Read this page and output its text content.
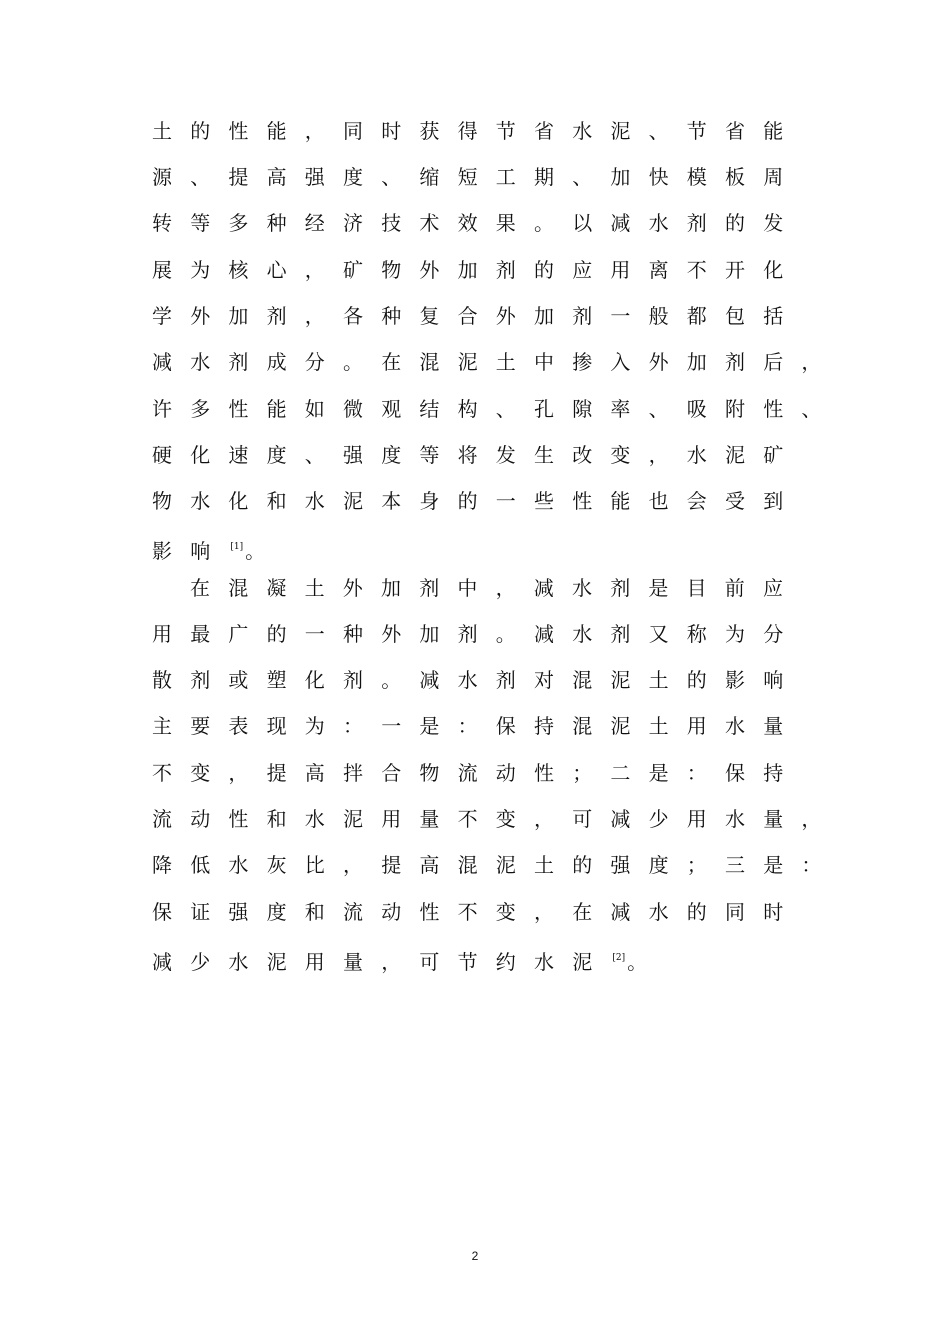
土的性能，同时获得节省水泥、节省能
源、提高强度、缩短工期、加快模板周
转等多种经济技术效果。以减水剂的发
展为核心，矿物外加剂的应用离不开化
学外加剂，各种复合外加剂一般都包括
减水剂成分。在混泥土中掺入外加剂后，
许多性能如微观结构、孔隙率、吸附性、
硬化速度、强度等将发生改变，水泥矿
物水化和水泥本身的一些性能也会受到
影响 [1] 。
在混凝土外加剂中，减水剂是目前应
用最广的一种外加剂。减水剂又称为分
散剂或塑化剂。减水剂对混泥土的影响
主要表现为：一是：保持混泥土用水量
不变，提高拌合物流动性；二是：保持
流动性和水泥用量不变，可减少用水量，
降低水灰比，提高混泥土的强度；三是：
保证强度和流动性不变，在减水的同时
减少水泥用量，可节约水泥 [2] 。
2
